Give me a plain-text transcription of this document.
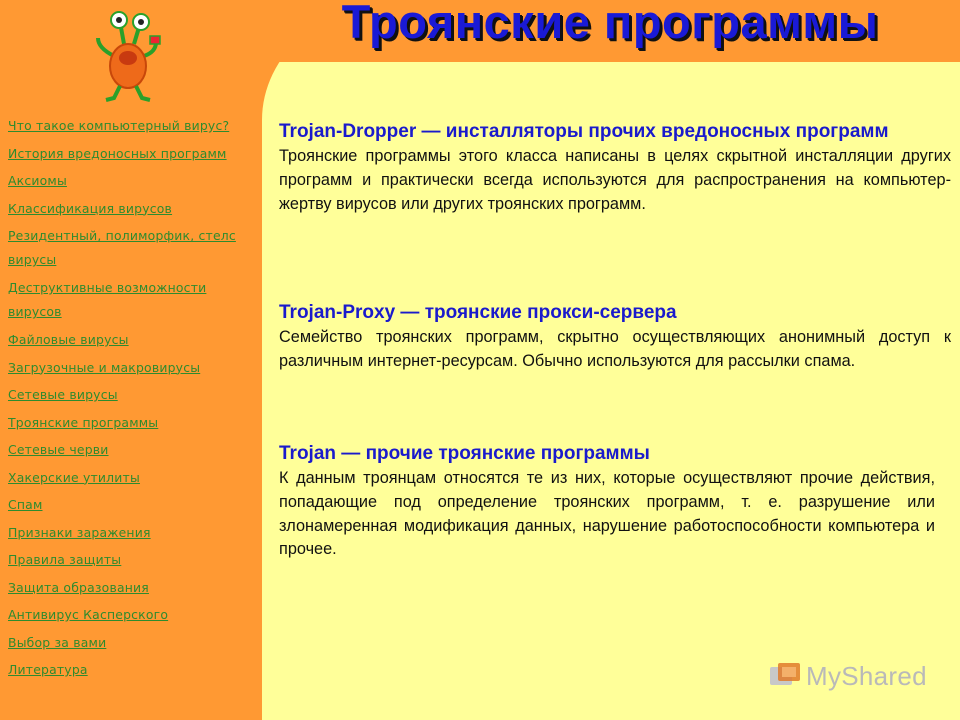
Троянские программы
Что такое компьютерный вирус?
История вредоносных программ
Аксиомы
Классификация вирусов
Резидентный, полиморфик, стелс вирусы
Деструктивные возможности вирусов
Файловые вирусы
Загрузочные и макровирусы
Сетевые вирусы
Троянские программы
Сетевые черви
Хакерские утилиты
Спам
Признаки заражения
Правила защиты
Защита образования
Антивирус Касперского
Выбор за вами
Литература
Trojan-Dropper — инсталляторы прочих вредоносных программ

Троянские программы этого класса написаны в целях скрытной инсталляции других программ и практически всегда используются для распространения на компьютер-жертву вирусов или других троянских программ.

Trojan-Proxy — троянские прокси-сервера

Семейство троянских программ, скрытно осуществляющих анонимный доступ к различным интернет-ресурсам. Обычно используются для рассылки спама.

Trojan — прочие троянские программы

К данным троянцам относятся те из них, которые осуществляют прочие действия, попадающие под определение троянских программ, т. е. разрушение или злонамеренная модификация данных, нарушение работоспособности компьютера и прочее.

MyShared
